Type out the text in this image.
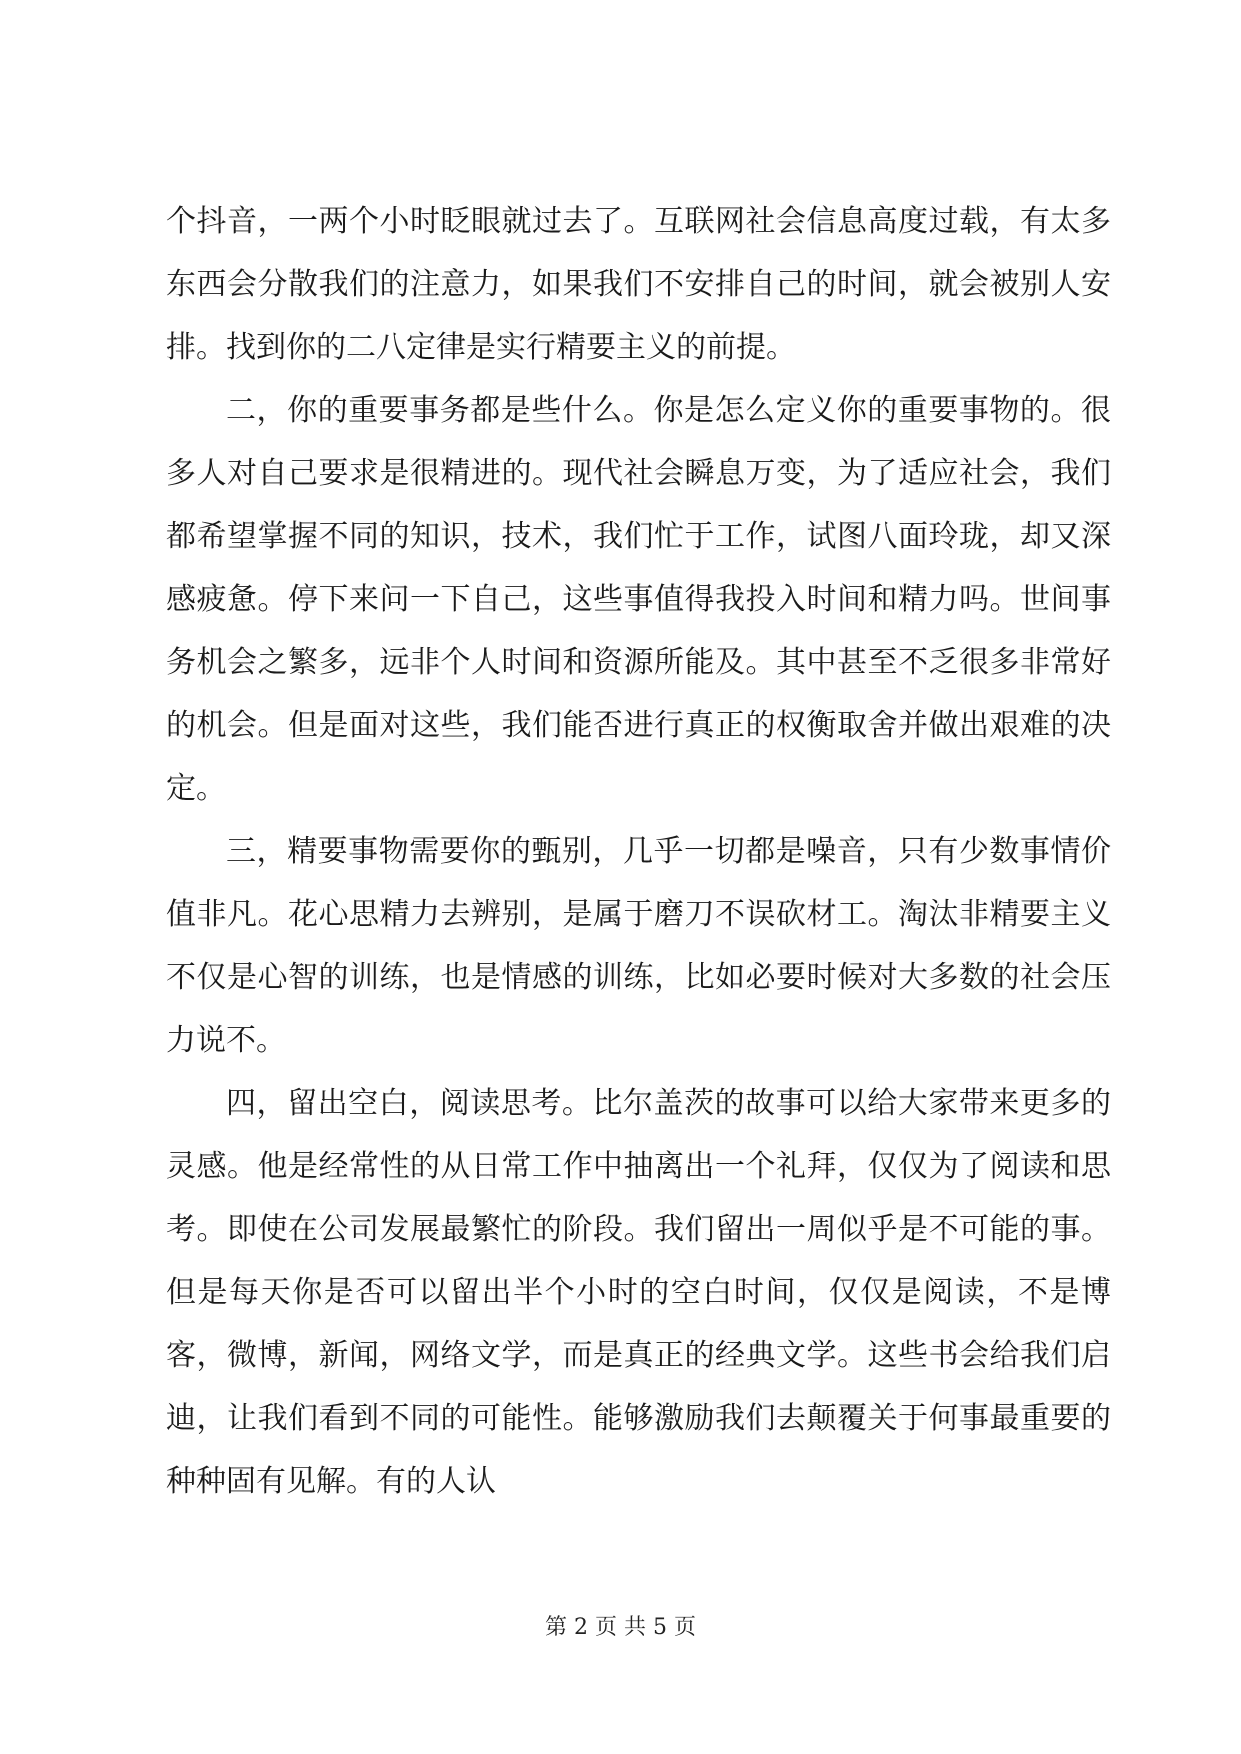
个抖音，一两个小时眨眼就过去了。互联网社会信息高度过载，有太多东西会分散我们的注意力，如果我们不安排自己的时间，就会被别人安排。找到你的二八定律是实行精要主义的前提。

二，你的重要事务都是些什么。你是怎么定义你的重要事物的。很多人对自己要求是很精进的。现代社会瞬息万变，为了适应社会，我们都希望掌握不同的知识，技术，我们忙于工作，试图八面玲珑，却又深感疲惫。停下来问一下自己，这些事值得我投入时间和精力吗。世间事务机会之繁多，远非个人时间和资源所能及。其中甚至不乏很多非常好的机会。但是面对这些，我们能否进行真正的权衡取舍并做出艰难的决定。

三，精要事物需要你的甄别，几乎一切都是噪音，只有少数事情价值非凡。花心思精力去辨别，是属于磨刀不误砍材工。淘汰非精要主义不仅是心智的训练，也是情感的训练，比如必要时候对大多数的社会压力说不。

四，留出空白，阅读思考。比尔盖茨的故事可以给大家带来更多的灵感。他是经常性的从日常工作中抽离出一个礼拜，仅仅为了阅读和思考。即使在公司发展最繁忙的阶段。我们留出一周似乎是不可能的事。但是每天你是否可以留出半个小时的空白时间，仅仅是阅读，不是博客，微博，新闻，网络文学，而是真正的经典文学。这些书会给我们启迪，让我们看到不同的可能性。能够激励我们去颠覆关于何事最重要的种种固有见解。有的人认

第 2 页 共 5 页
